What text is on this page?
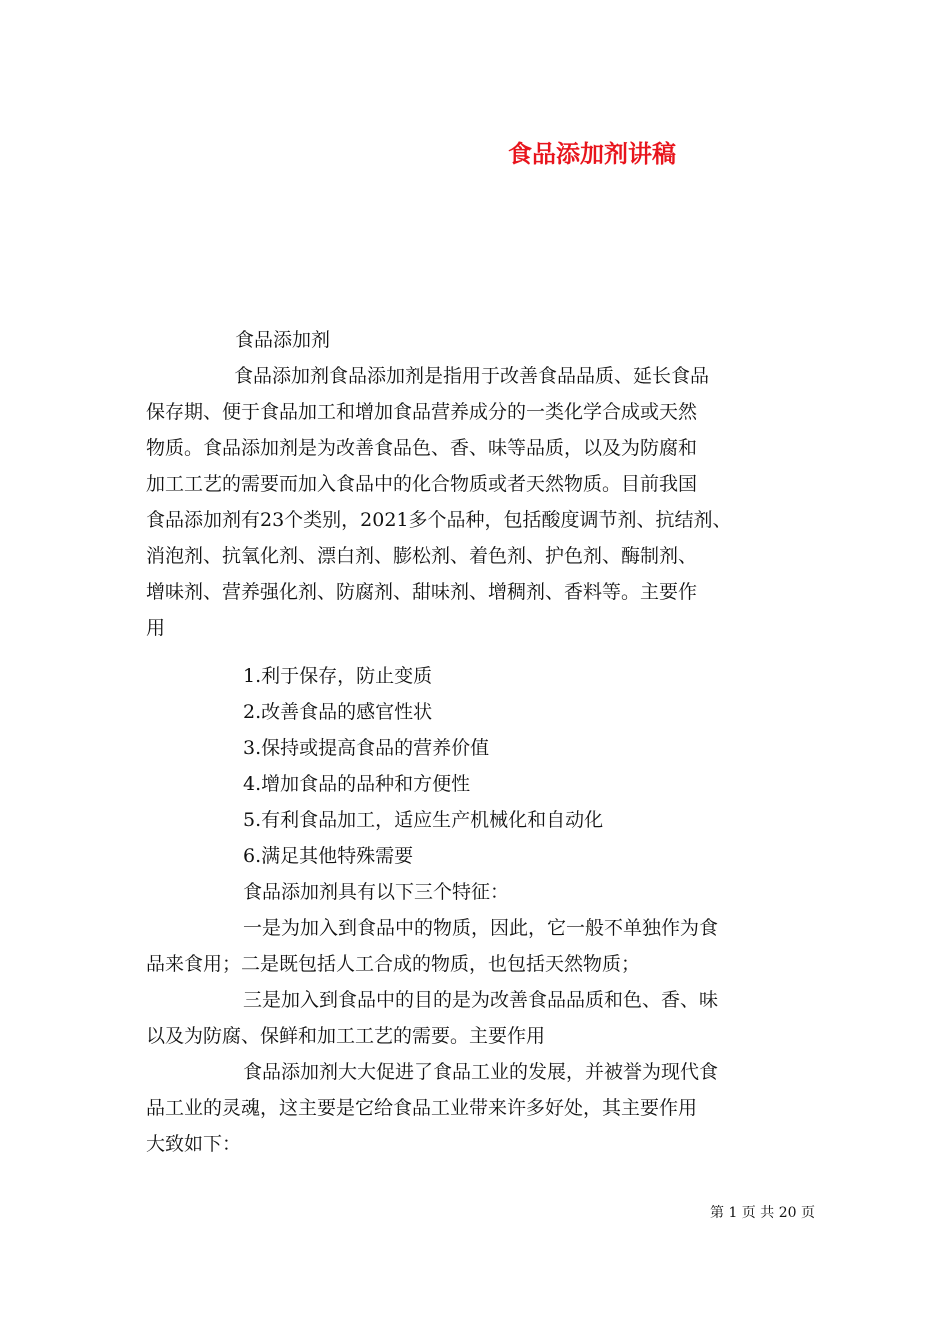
食品添加剂讲稿
食品添加剂
食品添加剂食品添加剂是指用于改善食品品质、延长食品
保存期、便于食品加工和增加食品营养成分的一类化学合成或天然
物质。食品添加剂是为改善食品色、香、味等品质，以及为防腐和
加工工艺的需要而加入食品中的化合物质或者天然物质。目前我国
食品添加剂有23个类别，2021多个品种，包括酸度调节剂、抗结剂、
消泡剂、抗氧化剂、漂白剂、膨松剂、着色剂、护色剂、酶制剂、
增味剂、营养强化剂、防腐剂、甜味剂、增稠剂、香料等。主要作
用
1.利于保存，防止变质
2.改善食品的感官性状
3.保持或提高食品的营养价值
4.增加食品的品种和方便性
5.有利食品加工，适应生产机械化和自动化
6.满足其他特殊需要
食品添加剂具有以下三个特征：
一是为加入到食品中的物质，因此，它一般不单独作为食
品来食用；二是既包括人工合成的物质，也包括天然物质；
三是加入到食品中的目的是为改善食品品质和色、香、味
以及为防腐、保鲜和加工工艺的需要。主要作用
食品添加剂大大促进了食品工业的发展，并被誉为现代食
品工业的灵魂，这主要是它给食品工业带来许多好处，其主要作用
大致如下：
第 1 页 共 20 页
